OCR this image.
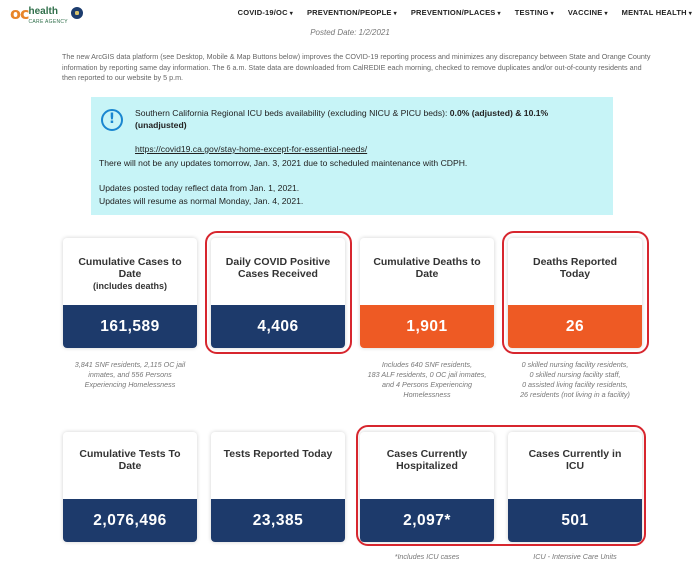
oc health
CARE AGENCY
COVID-19/OC ▾ PREVENTION/PEOPLE ▾ PREVENTION/PLACES ▾ TESTING ▾ VACCINE ▾ MENTAL HEALTH ▾
Posted Date: 1/2/2021
The new ArcGIS data platform (see Desktop, Mobile & Map Buttons below) improves the COVID-19 reporting process and minimizes any discrepancy between State and Orange County information by reporting same day information. The 6 a.m. State data are downloaded from CalREDIE each morning, checked to remove duplicates and/or out-of-county residents and then reported to our website by 5 p.m.
!	Southern California Regional ICU beds availability (excluding NICU & PICU beds): 0.0% (adjusted) & 10.1% (unadjusted)
https://covid19.ca.gov/stay-home-except-for-essential-needs/
There will not be any updates tomorrow, Jan. 3, 2021 due to scheduled maintenance with CDPH.
Updates posted today reflect data from Jan. 1, 2021.
Updates will resume as normal Monday, Jan. 4, 2021.
Cumulative Cases to Date
(includes deaths)
161,589
Daily COVID Positive Cases Received
4,406
Cumulative Deaths to Date
1,901
Deaths Reported Today
26
3,841 SNF residents, 2,115 OC jail
inmates, and 556 Persons
Experiencing Homelessness
Includes 640 SNF residents,
183 ALF residents, 0 OC jail inmates,
and 4 Persons Experiencing
Homelessness
0 skilled nursing facility residents,
0 skilled nursing facility staff,
0 assisted living facility residents,
26 residents (not living in a facility)
Cumulative Tests To Date
2,076,496
Tests Reported Today
23,385
Cases Currently Hospitalized
2,097*
Cases Currently in ICU
501
*Includes ICU cases	ICU - Intensive Care Units
